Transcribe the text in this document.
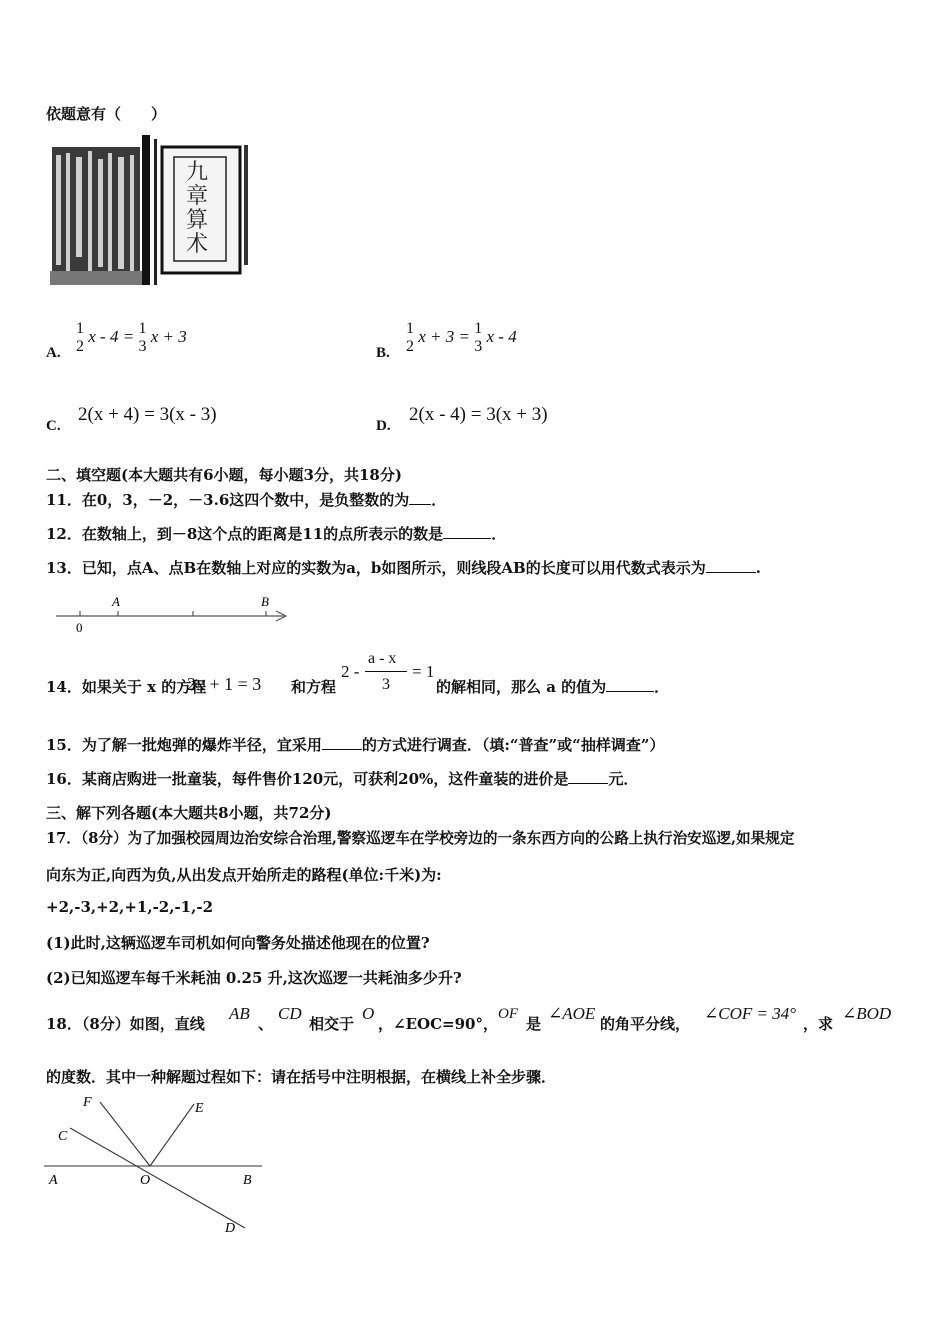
依题意有（　　）
九章算术
A.
1
2
x - 4 = 1
3
x + 3
B.
1
2
x + 3 = 1
3
x - 4
C.
2(x + 4) = 3(x - 3)
D.
2(x - 4) = 3(x + 3)
二、填空题(本大题共有6小题，每小题3分，共18分)
11．在0，3，－2，－3.6这四个数中，是负整数的为 ．
12．在数轴上，到－8这个点的距离是11的点所表示的数是	．
13．已知，点A、点B在数轴上对应的实数为a，b如图所示，则线段AB的长度可以用代数式表示为	.
0
A	B
14．如果关于 x 的方程
2x + 1 = 3 和方程
2 -
a - x
3
= 1
的解相同，那么 a 的值为	．
15．为了解一批炮弹的爆炸半径，宜采用	的方式进行调查．（填:“普查”或“抽样调查”）
16．某商店购进一批童装，每件售价120元，可获利20%，这件童装的进价是	元．
三、解下列各题(本大题共8小题，共72分)
17．（8分）为了加强校园周边治安综合治理,警察巡逻车在学校旁边的一条东西方向的公路上执行治安巡逻,如果规定
向东为正,向西为负,从出发点开始所走的路程(单位:千米)为:
+2,-3,+2,+1,-2,-1,-2
(1)此时,这辆巡逻车司机如何向警务处描述他现在的位置?
(2)已知巡逻车每千米耗油 0.25 升,这次巡逻一共耗油多少升?
18．（8分）如图，直线
AB
、
CD
相交于
O
，∠EOC=90°，
OF
是
∠AOE
的角平分线，
∠COF = 34°
，求
∠BOD
的度数．其中一种解题过程如下：请在括号中注明根据，在横线上补全步骤．
A	B
C
D
E
F
O
